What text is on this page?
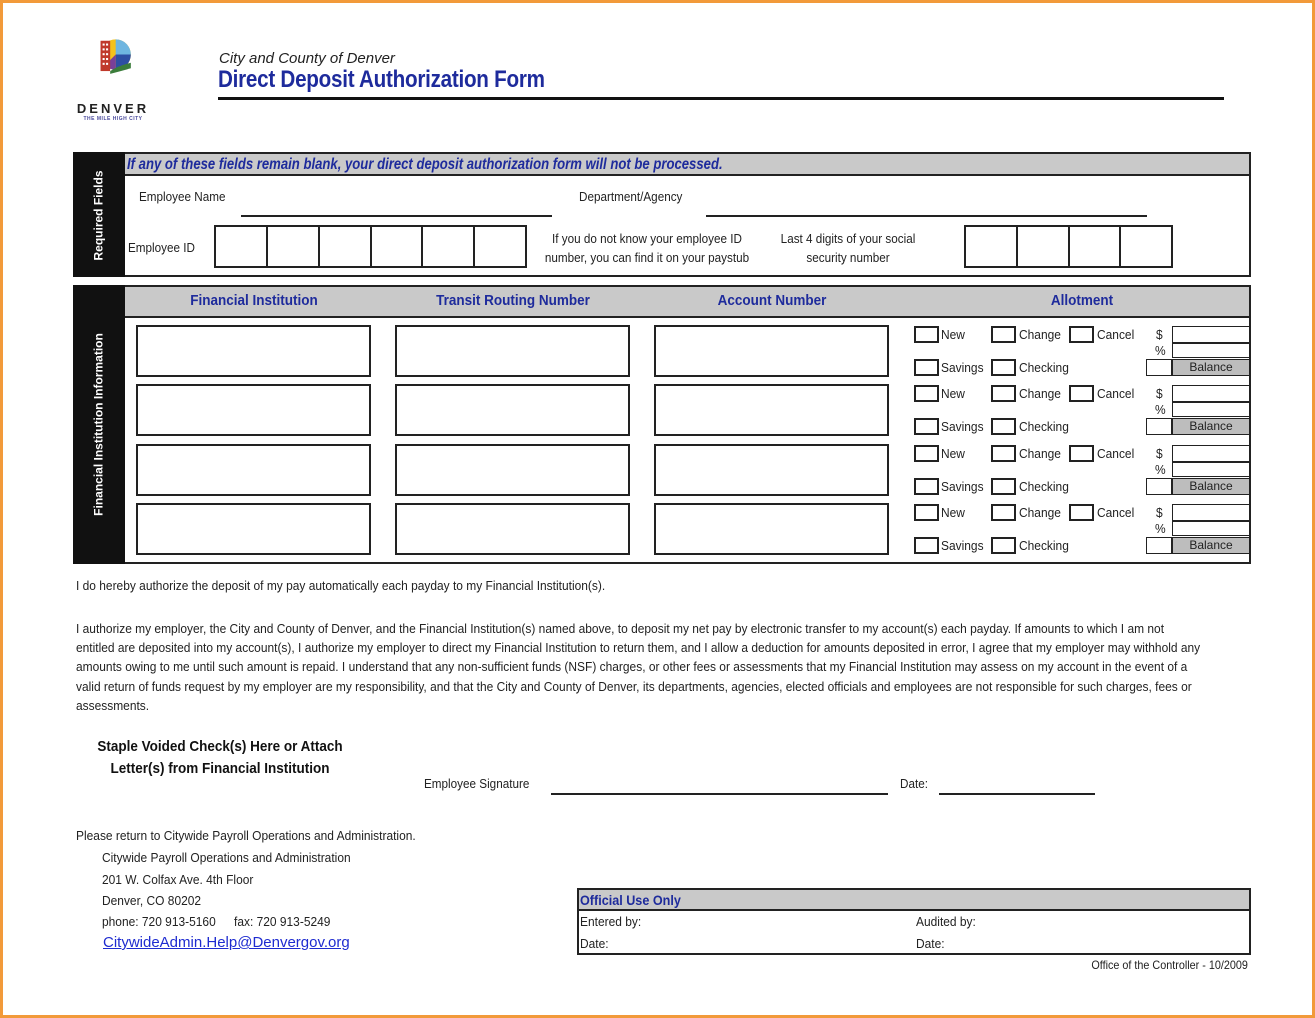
DENVER
THE MILE HIGH CITY
City and County of Denver
Direct Deposit Authorization Form
Required Fields
If any of these fields remain blank, your direct deposit authorization form will not be processed.
Employee Name	Department/Agency
Employee ID
If you do not know your employee ID
number, you can find it on your paystub
Last 4 digits of your social
security number
Financial Institution Information
Financial Institution	Transit Routing Number	Account Number	Allotment
New	Change	Cancel
Savings	Checking
$
%
Balance
New	Change	Cancel
Savings	Checking
$
%
Balance
New	Change	Cancel
Savings	Checking
$
%
Balance
New	Change	Cancel
Savings	Checking
$
%
Balance
I do hereby authorize the deposit of my pay automatically each payday to my Financial Institution(s).
I authorize my employer, the City and County of Denver, and the Financial Institution(s) named above, to deposit my net pay by electronic transfer to my account(s) each payday. If amounts to which I am not
entitled are deposited into my account(s), I authorize my employer to direct my Financial Institution to return them, and I allow a deduction for amounts deposited in error, I agree that my employer may withhold any
amounts owing to me until such amount is repaid. I understand that any non-sufficient funds (NSF) charges, or other fees or assessments that my Financial Institution may assess on my account in the event of a
valid return of funds request by my employer are my responsibility, and that the City and County of Denver, its departments, agencies, elected officials and employees are not responsible for such charges, fees or
assessments.
Staple Voided Check(s) Here or Attach
Letter(s) from Financial Institution
Employee Signature	Date:
Please return to Citywide Payroll Operations and Administration.
Citywide Payroll Operations and Administration
201 W. Colfax Ave. 4th Floor
Denver, CO 80202
phone: 720 913-5160 fax: 720 913-5249
CitywideAdmin.Help@Denvergov.org
Official Use Only
Entered by:	Audited by:
Date:	Date:
Office of the Controller - 10/2009
